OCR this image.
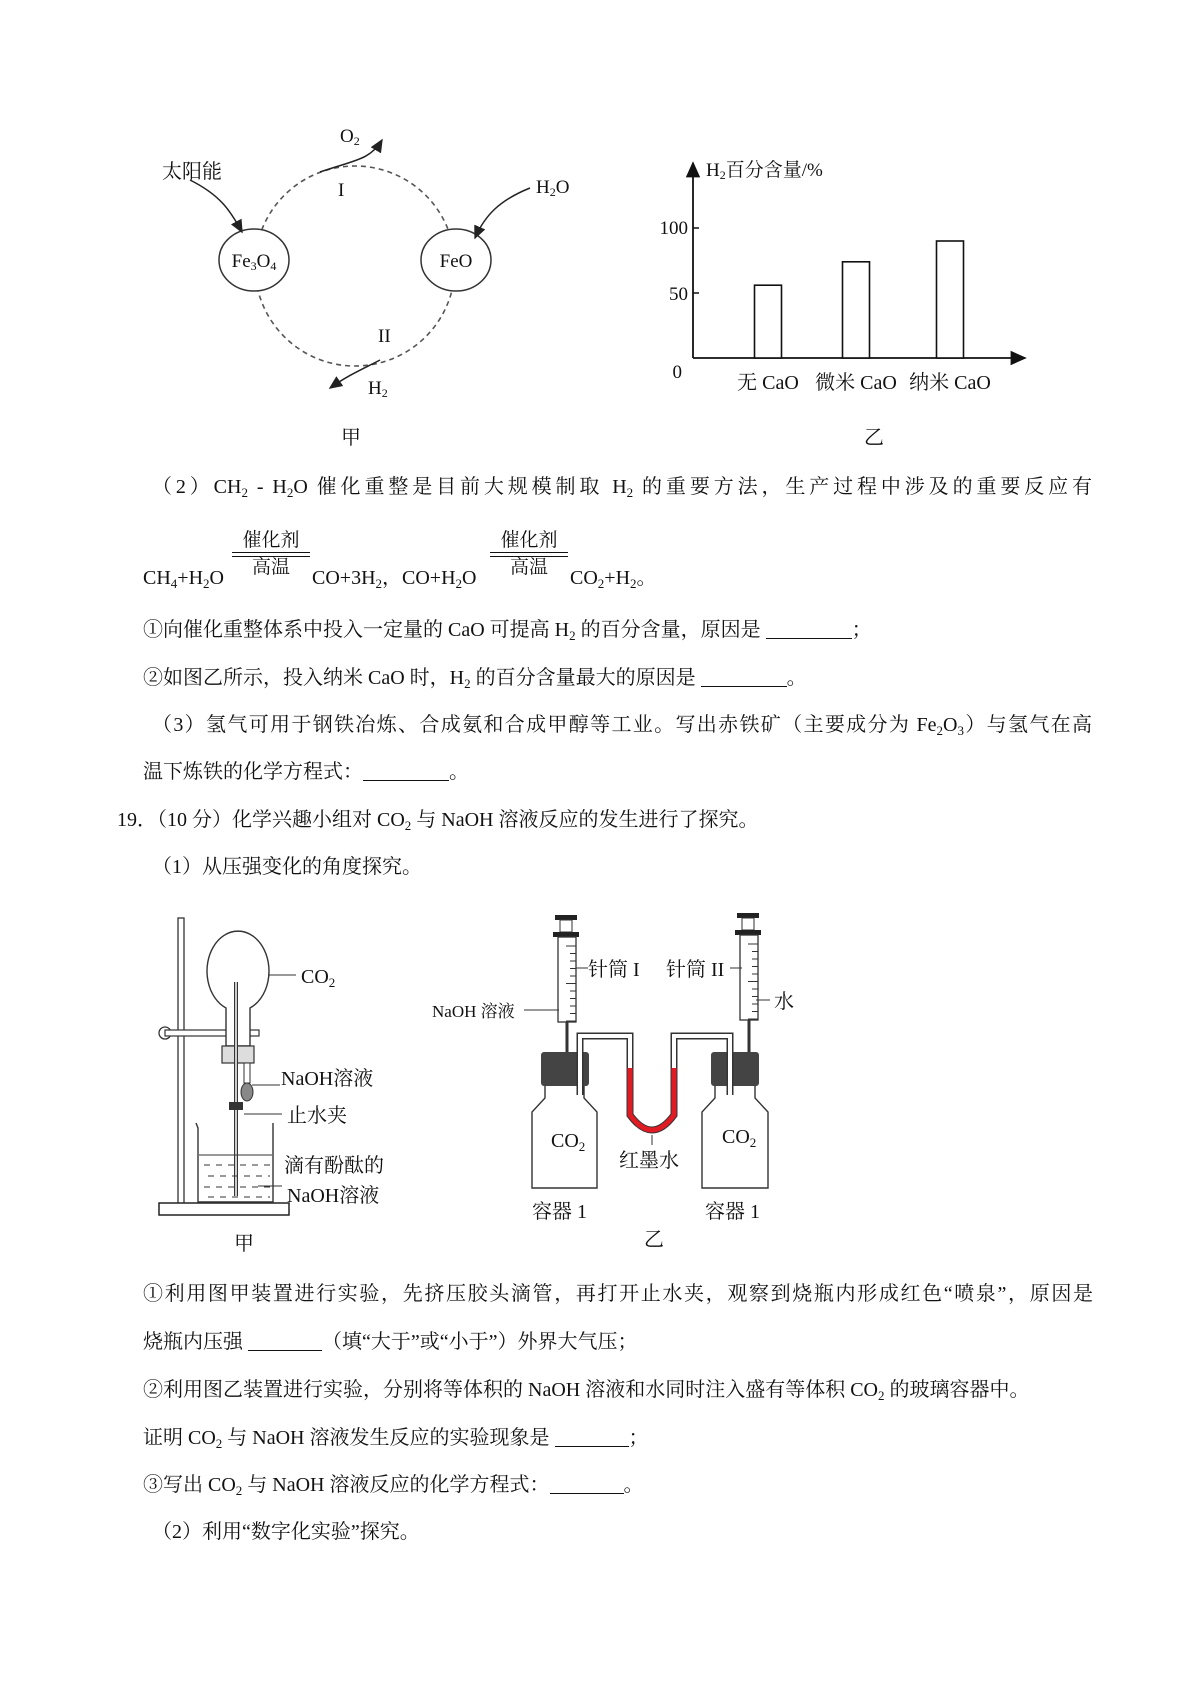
Fe3O4	FeO
太阳能
O2
H2O
I
II
H2
甲
H2百分含量/%
0
50
100
无 CaO 微米 CaO 纳米 CaO
乙
$(2)CH_2 - H_2O$ 催化重整是目前大规模制取 $H_2$ 的重要方法，生产过程中涉及的重要反应有
$CH_4+H_2O$
催化剂
高温	$CO+3H_2$，$CO+H_2O$
催化剂
高温	$CO_2+H_2$。
①向催化重整体系中投入一定量的 CaO 可提高 $H_2$ 的百分含量，原因是	；
②如图乙所示，投入纳米 CaO 时，$H_2$ 的百分含量最大的原因是	。
（3）氢气可用于钢铁冶炼、合成氨和合成甲醇等工业。写出赤铁矿（主要成分为 $Fe_2O_3$）与氢气在高
温下炼铁的化学方程式：	。
19．（10 分）化学兴趣小组对 $CO_2$ 与 NaOH 溶液反应的发生进行了探究。
（1）从压强变化的角度探究。
$CO_2$
NaOH溶液
止水夹
滴有酚酞的
NaOH溶液
甲
针筒 I 针筒 II
NaOH 溶液	水
$CO_2$	$CO_2$
红墨水
容器 1	容器 1
乙
①利用图甲装置进行实验，先挤压胶头滴管，再打开止水夹，观察到烧瓶内形成红色“喷泉”，原因是
烧瓶内压强	（填“大于”或“小于”）外界大气压；
②利用图乙装置进行实验，分别将等体积的 NaOH 溶液和水同时注入盛有等体积 $CO_2$ 的玻璃容器中。
证明 $CO_2$ 与 NaOH 溶液发生反应的实验现象是	；
③写出 $CO_2$ 与 NaOH 溶液反应的化学方程式：	。
（2）利用“数字化实验”探究。
